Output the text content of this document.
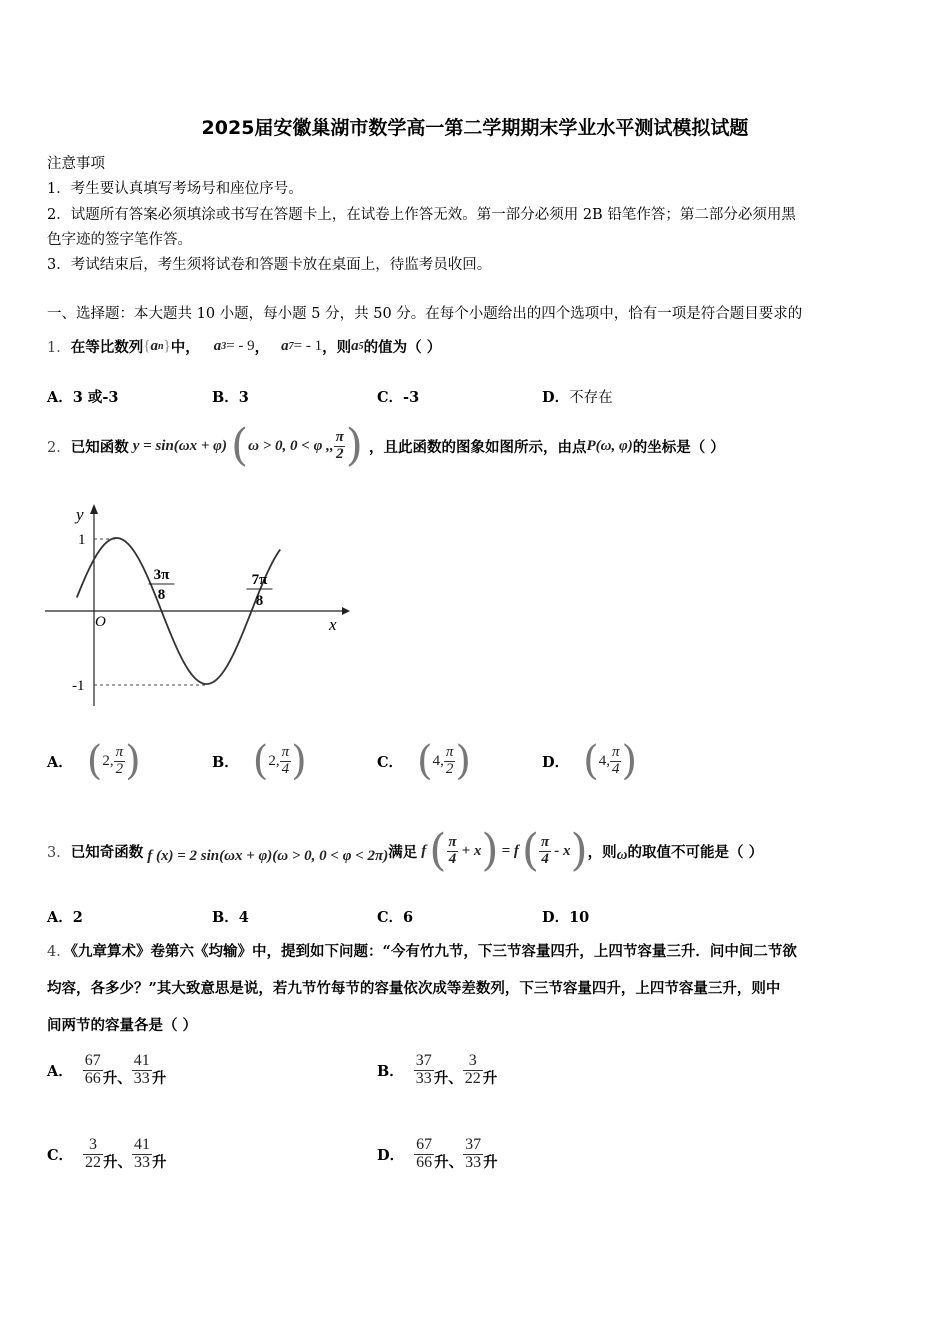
2025届安徽巢湖市数学高一第二学期期末学业水平测试模拟试题
注意事项
1．考生要认真填写考场号和座位序号。
2．试题所有答案必须填涂或书写在答题卡上，在试卷上作答无效。第一部分必须用 2B 铅笔作答；第二部分必须用黑
色字迹的签字笔作答。
3．考试结束后，考生须将试卷和答题卡放在桌面上，待监考员收回。
一、选择题：本大题共 10 小题，每小题 5 分，共 50 分。在每个小题给出的四个选项中，恰有一项是符合题目要求的
1． 在等比数列 { a n } 中， a 3 = - 9 ， a 7 = - 1 ，则 a 5 的值为（ ）
A．3 或-3	B．3	C．-3	D．不存在
2． 已知函数 y = sin(ωx + φ) ( ω > 0, 0 < φ ,, $\frac{\pi}{2}$ ) ，且此函数的图象如图所示，由点 P(ω, φ) 的坐标是（ ）
y
x
O
1
-1
3π
8
7π
8
A． ( 2, $\frac{\pi}{2}$ )	B． ( 2, $\frac{\pi}{4}$ )	C． ( 4, $\frac{\pi}{2}$ )	D． ( 4, $\frac{\pi}{4}$ )
3． 已知奇函数 f (x) = 2 sin(ωx + φ)(ω > 0, 0 < φ < 2π) 满足 f ( $\frac{\pi}{4} + x$ ) = f ( $\frac{\pi}{4}$ - x ) ，则 ω 的取值不可能是（ ）
A．2	B．4	C．6	D．10
4．《九章算术》卷第六《均输》中，提到如下问题：“今有竹九节，下三节容量四升，上四节容量三升．问中间二节欲
均容，各多少？”其大致意思是说，若九节竹每节的容量依次成等差数列，下三节容量四升，上四节容量三升，则中
间两节的容量各是（ ）
A． $\frac{67}{66}$ 升 、 $\frac{41}{33}$ 升	B． $\frac{37}{33}$ 升 、 $\frac{3}{22}$ 升
C． $\frac{3}{22}$ 升 、 $\frac{41}{33}$ 升	D． $\frac{67}{66}$ 升 、 $\frac{37}{33}$ 升
